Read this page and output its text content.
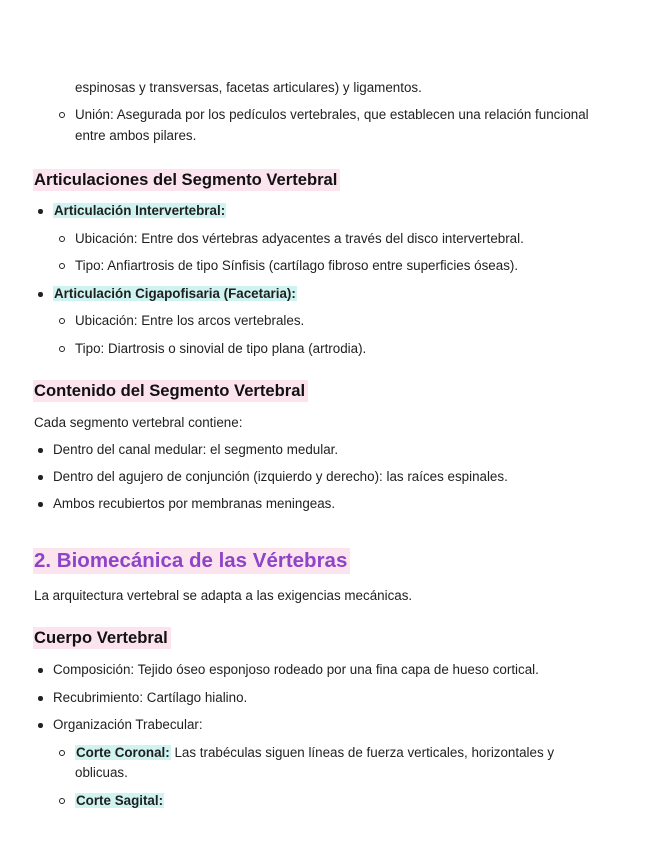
espinosas y transversas, facetas articulares) y ligamentos.

Unión: Asegurada por los pedículos vertebrales, que establecen una relación funcional

entre ambos pilares.

Articulaciones del Segmento Vertebral

Articulación Intervertebral:

Ubicación: Entre dos vértebras adyacentes a través del disco intervertebral.

Tipo: Anfiartrosis de tipo Sínfisis (cartílago fibroso entre superficies óseas).

Articulación Cigapofisaria (Facetaria):

Ubicación: Entre los arcos vertebrales.

Tipo: Diartrosis o sinovial de tipo plana (artrodia).

Contenido del Segmento Vertebral

Cada segmento vertebral contiene:

Dentro del canal medular: el segmento medular.

Dentro del agujero de conjunción (izquierdo y derecho): las raíces espinales.

Ambos recubiertos por membranas meningeas.

2. Biomecánica de las Vértebras

La arquitectura vertebral se adapta a las exigencias mecánicas.

Cuerpo Vertebral

Composición: Tejido óseo esponjoso rodeado por una fina capa de hueso cortical.

Recubrimiento: Cartílago hialino.

Organización Trabecular:

Corte Coronal: Las trabéculas siguen líneas de fuerza verticales, horizontales y

oblicuas.

Corte Sagital:
